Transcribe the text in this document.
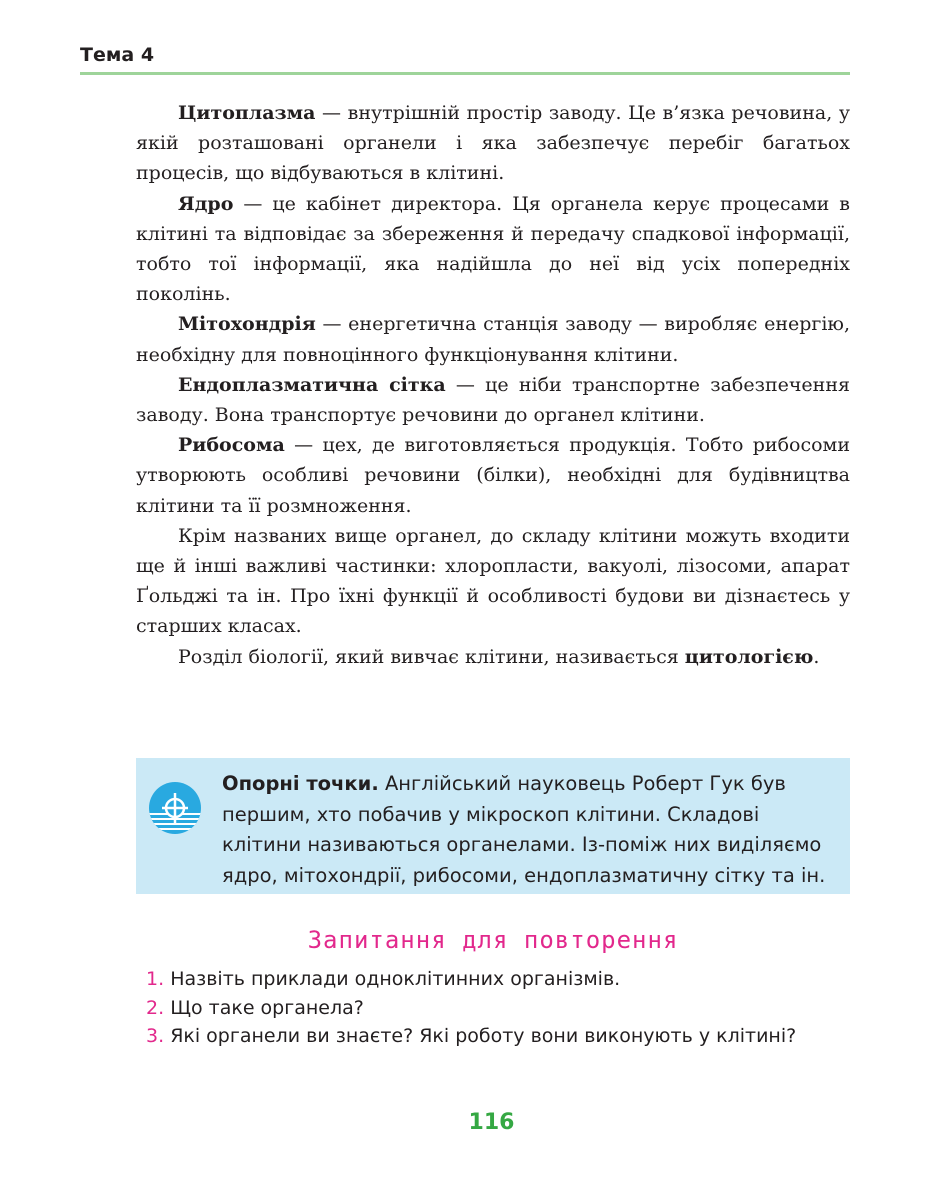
Тема 4

Цитоплазма — внутрішній простір заводу. Це в’язка речовина, у якій розташовані органели і яка забезпечує перебіг багатьох процесів, що відбуваються в клітині.

Ядро — це кабінет директора. Ця органела керує процесами в клітині та відповідає за збереження й передачу спадкової інформації, тобто тої інформації, яка надійшла до неї від усіх попередніх поколінь.

Мітохондрія — енергетична станція заводу — виробляє енергію, необхідну для повноцінного функціонування клітини.

Ендоплазматична сітка — це ніби транспортне забезпечення заводу. Вона транспортує речовини до органел клітини.

Рибосома — цех, де виготовляється продукція. Тобто рибосоми утворюють особливі речовини (білки), необхідні для будівництва клітини та її розмноження.

Крім названих вище органел, до складу клітини можуть входити ще й інші важливі частинки: хлоропласти, вакуолі, лізосоми, апарат Ґольджі та ін. Про їхні функції й особливості будови ви дізнаєтесь у старших класах.

Розділ біології, який вивчає клітини, називається цитологією.

Опорні точки. Англійський науковець Роберт Гук був першим, хто побачив у мікроскоп клітини. Складові клітини називаються органелами. Із-поміж них виділяємо ядро, мітохондрії, рибосоми, ендоплазматичну сітку та ін.
Запитання для повторення
1. Назвіть приклади одноклітинних організмів.
2. Що таке органела?
3. Які органели ви знаєте? Які роботу вони виконують у клітині?
116
